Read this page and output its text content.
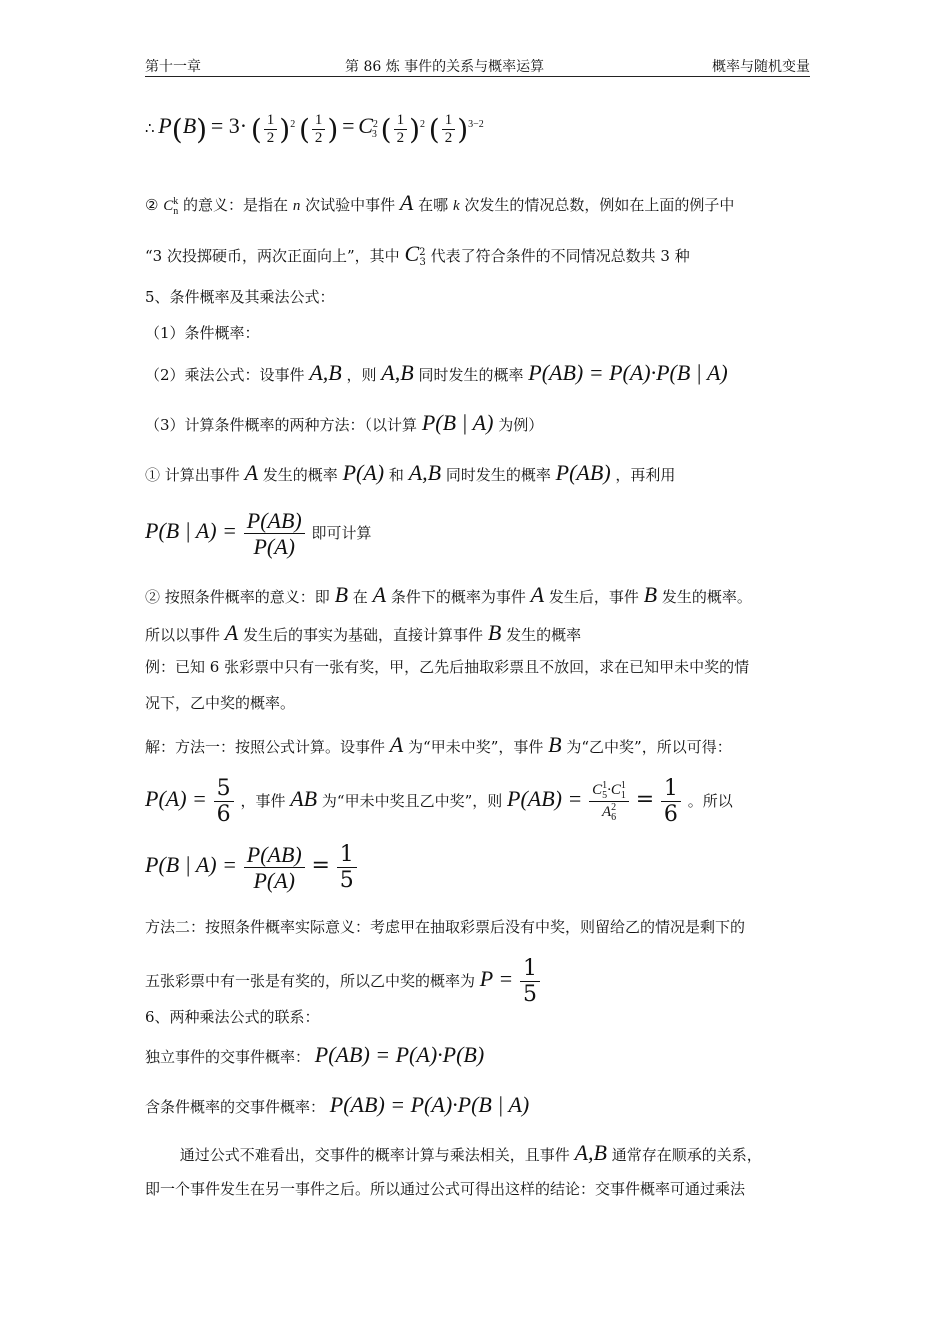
第十一章	第 86 炼 事件的关系与概率运算	概率与随机变量
∴ P(B) = 3· ( $\frac{1}{2} )^2$ ( $\frac{1}{2}$ ) = $C^2_3$ ( $\frac{1}{2} )^2$ ( $\frac{1}{2} )^{3-2}$
② $C_n^k$ 的意义：是指在 n 次试验中事件 A 在哪 k 次发生的情况总数，例如在上面的例子中
“3 次投掷硬币，两次正面向上”，其中 $C^2_3$ 代表了符合条件的不同情况总数共 3 种
5、条件概率及其乘法公式：
（1）条件概率：
（2）乘法公式：设事件 A,B ，则 A,B 同时发生的概率 P(AB) = P(A)·P(B | A)
（3）计算条件概率的两种方法：（以计算 P(B | A) 为例）
① 计算出事件 A 发生的概率 P(A) 和 A,B 同时发生的概率 P(AB) ，再利用
P(B | $A) = \frac{P(AB)}{P(A)}$ 即可计算
② 按照条件概率的意义：即 B 在 A 条件下的概率为事件 A 发生后，事件 B 发生的概率。
所以以事件 A 发生后的事实为基础，直接计算事件 B 发生的概率
例：已知 6 张彩票中只有一张有奖，甲，乙先后抽取彩票且不放回，求在已知甲未中奖的情
况下，乙中奖的概率。
解：方法一：按照公式计算。设事件 A 为“甲未中奖”，事件 B 为“乙中奖”，所以可得：
$P(A) = \frac{5}{6}$ ，事件 AB 为“甲未中奖且乙中奖”，则 $P(AB) = \frac{C_5^1\cdot C_1^1}{A_6^2} = \frac{1}{6}$ 。所以
P(B | $A) = \frac{P(AB)}{P(A)} = \frac{1}{5}$
方法二：按照条件概率实际意义：考虑甲在抽取彩票后没有中奖，则留给乙的情况是剩下的
五张彩票中有一张是有奖的，所以乙中奖的概率为 $P = \frac{1}{5}$
6、两种乘法公式的联系：
独立事件的交事件概率： P(AB) = P(A)·P(B)
含条件概率的交事件概率： P(AB) = P(A)·P(B | A)
通过公式不难看出，交事件的概率计算与乘法相关，且事件 A,B 通常存在顺承的关系，
即一个事件发生在另一事件之后。所以通过公式可得出这样的结论：交事件概率可通过乘法
